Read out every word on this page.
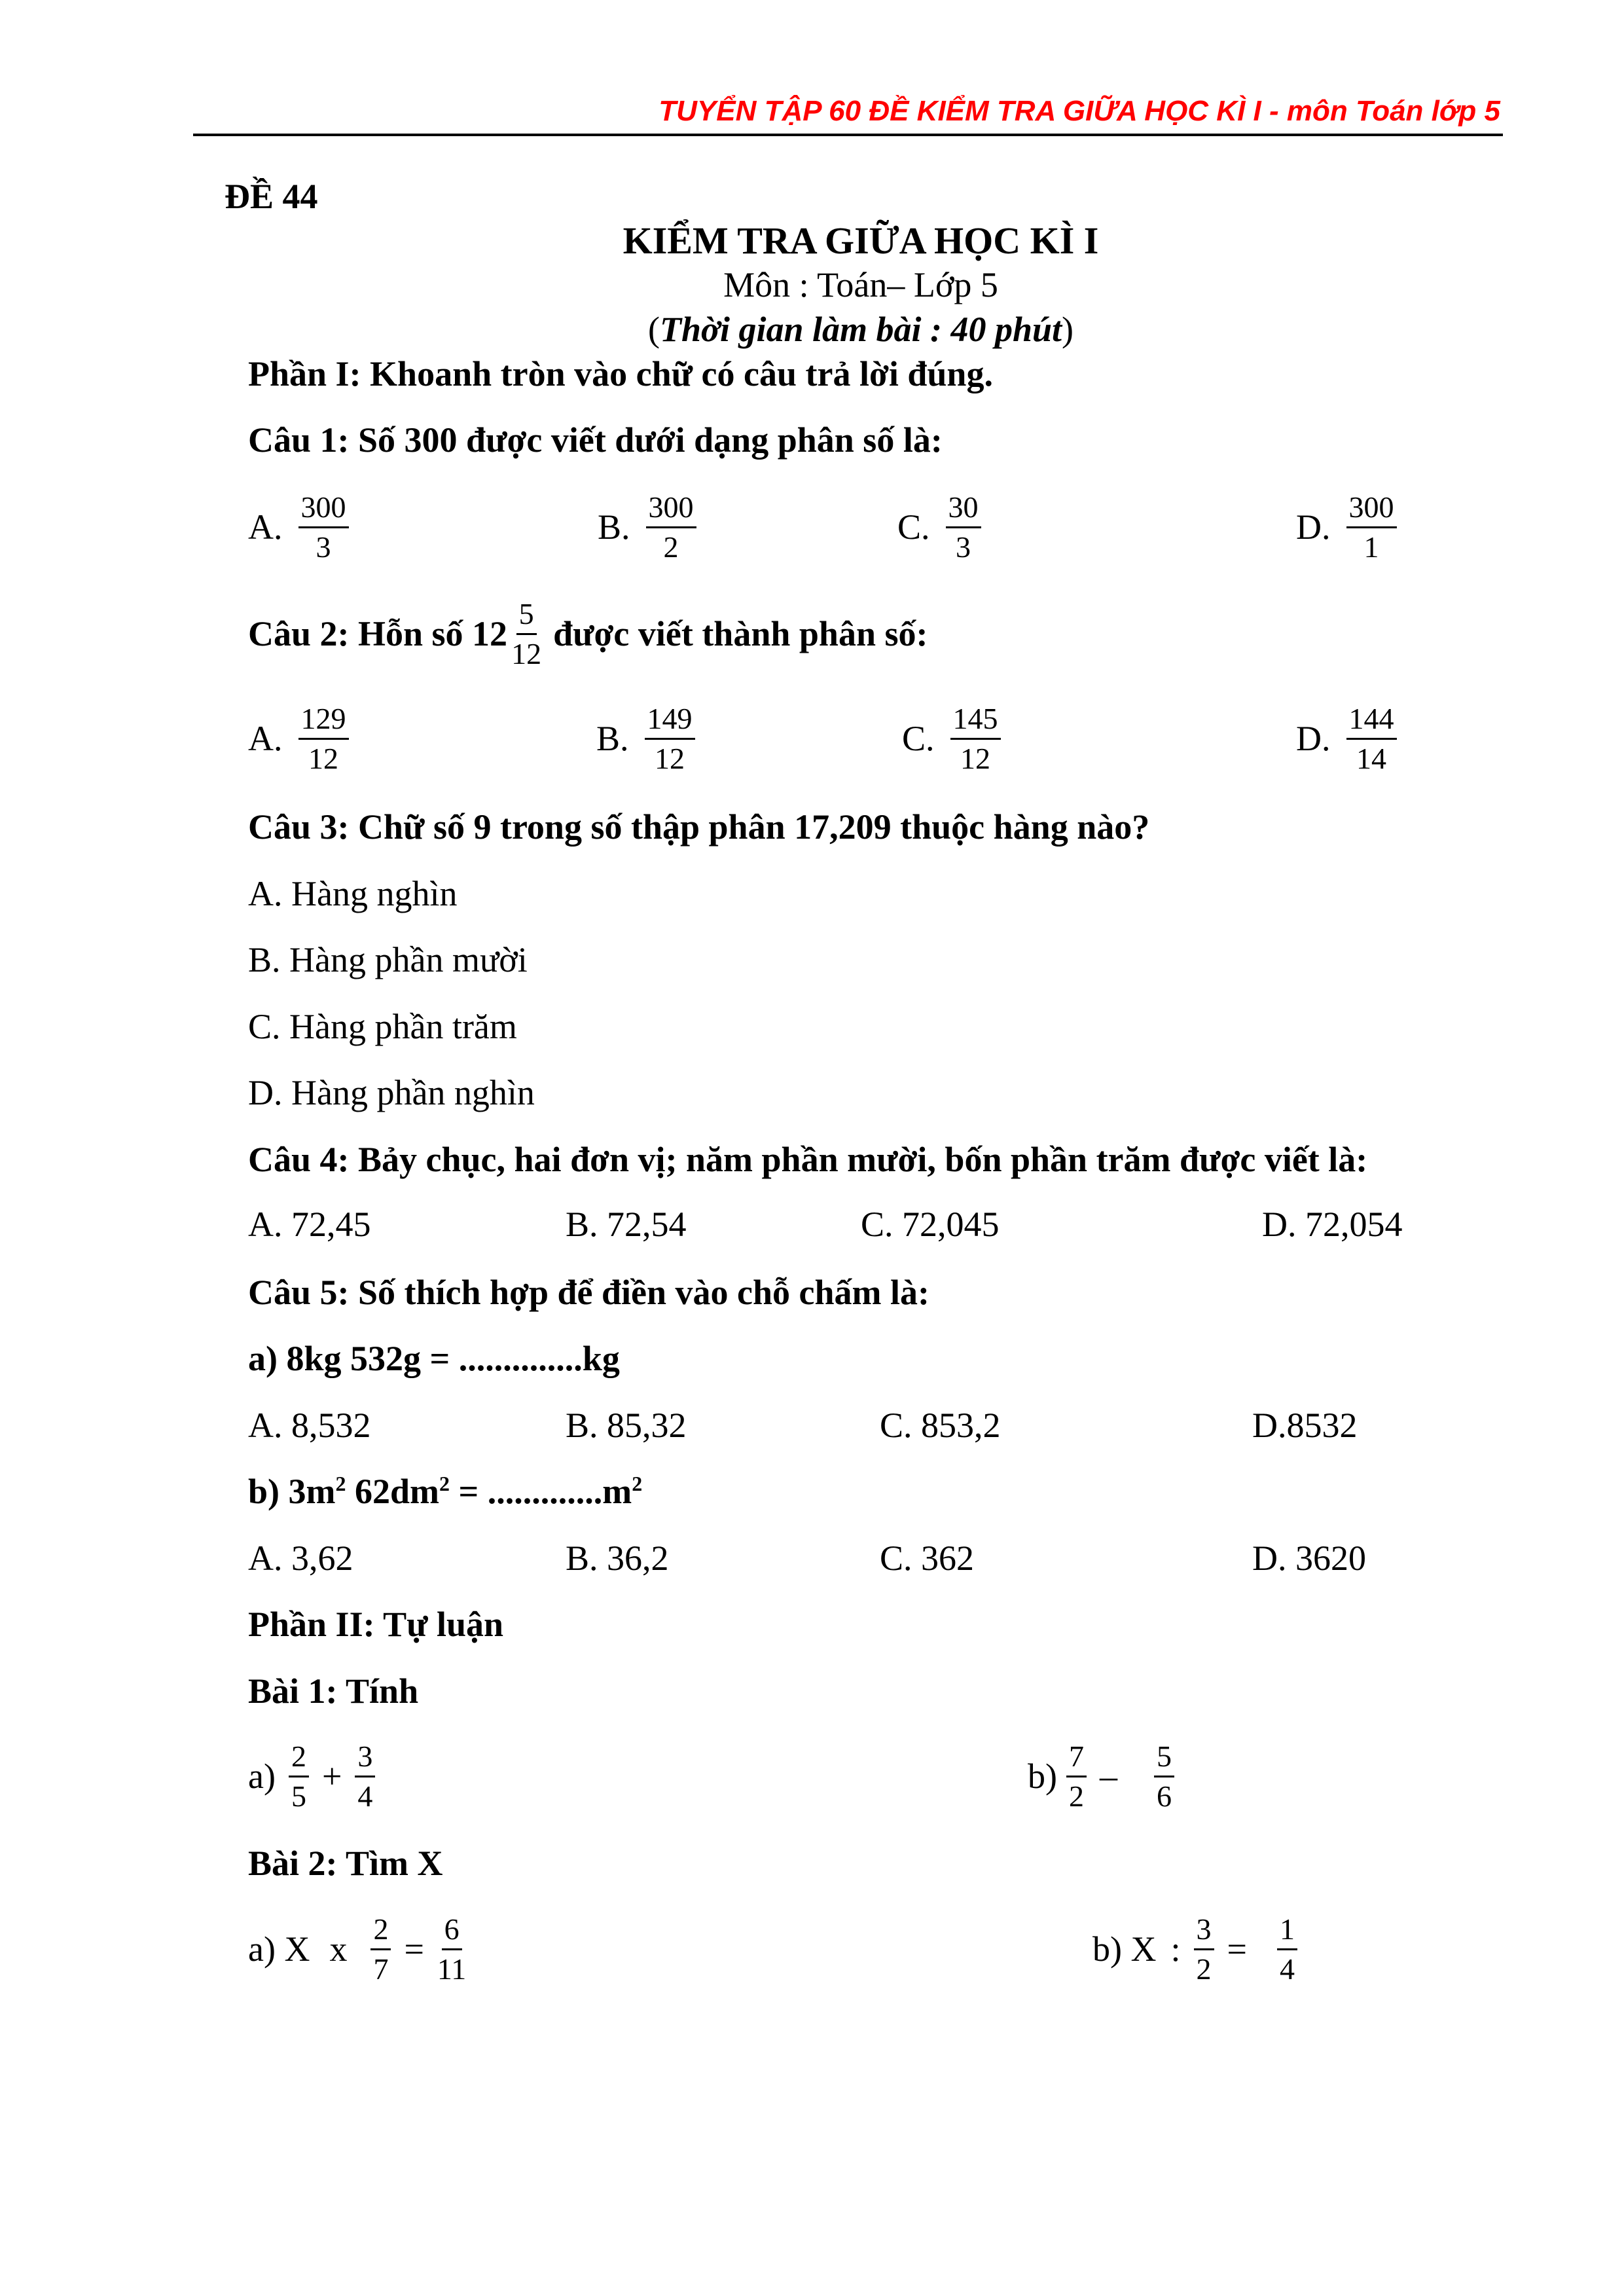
TUYỂN TẬP 60 ĐỀ KIỂM TRA GIỮA HỌC KÌ I - môn Toán lớp 5
ĐỀ 44
KIỂM TRA GIỮA HỌC KÌ I
Môn : Toán– Lớp 5
(Thời gian làm bài : 40 phút)
Phần I: Khoanh tròn vào chữ có câu trả lời đúng.
Câu 1: Số 300 được viết dưới dạng phân số là:
A. $\frac{300}{3}$	B. $\frac{300}{2}$	C. $\frac{30}{3}$	D. $\frac{300}{1}$
Câu 2: Hỗn số $12 \frac{5}{12}$ được viết thành phân số:
A. $\frac{129}{12}$	B. $\frac{149}{12}$	C. $\frac{145}{12}$	D. $\frac{144}{14}$
Câu 3: Chữ số 9 trong số thập phân 17,209 thuộc hàng nào?
A. Hàng nghìn
B. Hàng phần mười
C. Hàng phần trăm
D. Hàng phần nghìn
Câu 4: Bảy chục, hai đơn vị; năm phần mười, bốn phần trăm được viết là:
A. 72,45	B. 72,54	C. 72,045	D. 72,054
Câu 5: Số thích hợp để điền vào chỗ chấm là:
a) 8kg 532g = ..............kg
A. 8,532	B. 85,32	C. 853,2	D.8532
b) $3m^2$ $62dm^2 = .............m^2$
A. 3,62	B. 36,2	C. 362	D. 3620
Phần II: Tự luận
Bài 1: Tính
$a) \frac{2}{5} + \frac{3}{4}$	$b) \frac{7}{2} - \frac{5}{6}$
Bài 2: Tìm X
a) X x $\frac{2}{7} = \frac{6}{11}$	b) X : $\frac{3}{2} = \frac{1}{4}$
